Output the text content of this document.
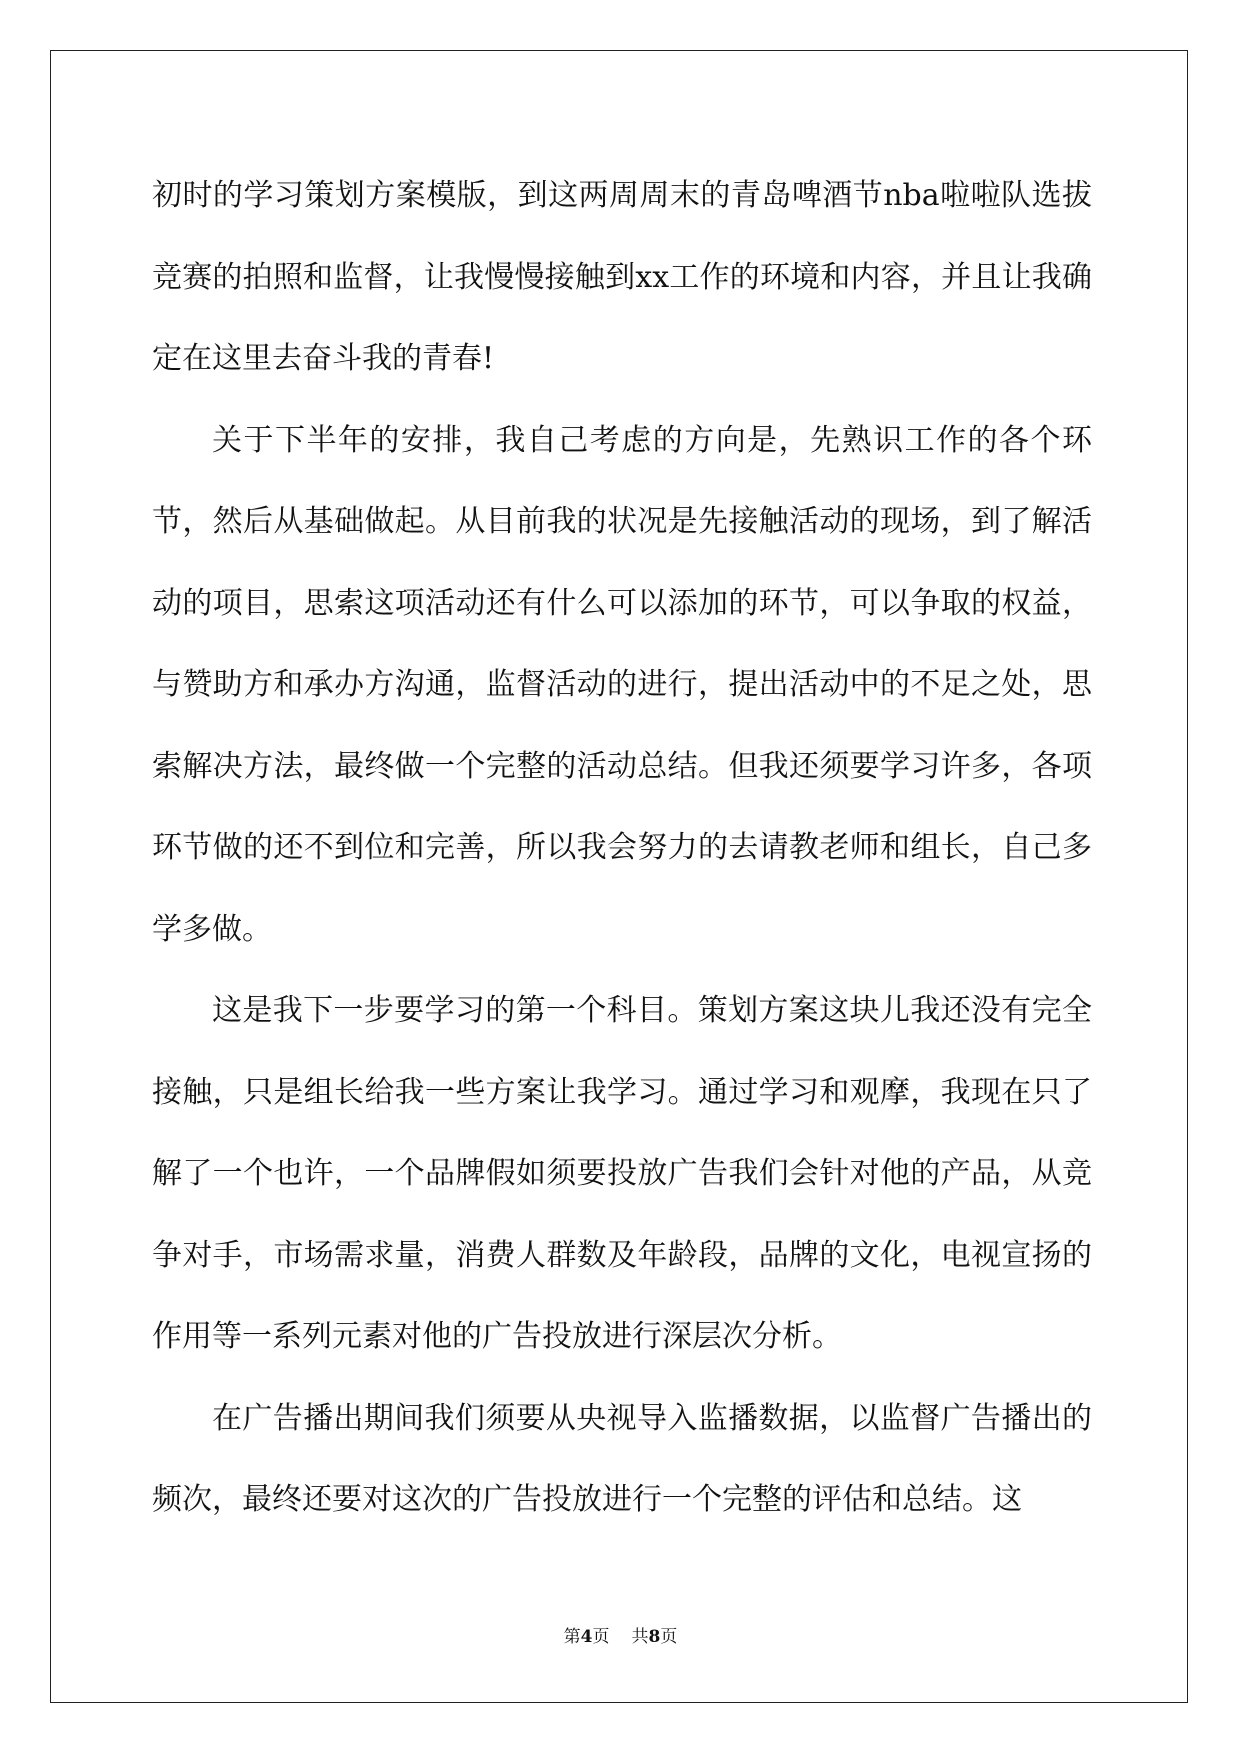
初时的学习策划方案模版，到这两周周末的青岛啤酒节nba啦啦队选拔竞赛的拍照和监督，让我慢慢接触到xx工作的环境和内容，并且让我确定在这里去奋斗我的青春!

关于下半年的安排，我自己考虑的方向是，先熟识工作的各个环节，然后从基础做起。从目前我的状况是先接触活动的现场，到了解活动的项目，思索这项活动还有什么可以添加的环节，可以争取的权益，与赞助方和承办方沟通，监督活动的进行，提出活动中的不足之处，思索解决方法，最终做一个完整的活动总结。但我还须要学习许多，各项环节做的还不到位和完善，所以我会努力的去请教老师和组长，自己多学多做。

这是我下一步要学习的第一个科目。策划方案这块儿我还没有完全接触，只是组长给我一些方案让我学习。通过学习和观摩，我现在只了解了一个也许，一个品牌假如须要投放广告我们会针对他的产品，从竞争对手，市场需求量，消费人群数及年龄段，品牌的文化，电视宣扬的作用等一系列元素对他的广告投放进行深层次分析。

在广告播出期间我们须要从央视导入监播数据，以监督广告播出的频次，最终还要对这次的广告投放进行一个完整的评估和总结。这

第4页 共8页
